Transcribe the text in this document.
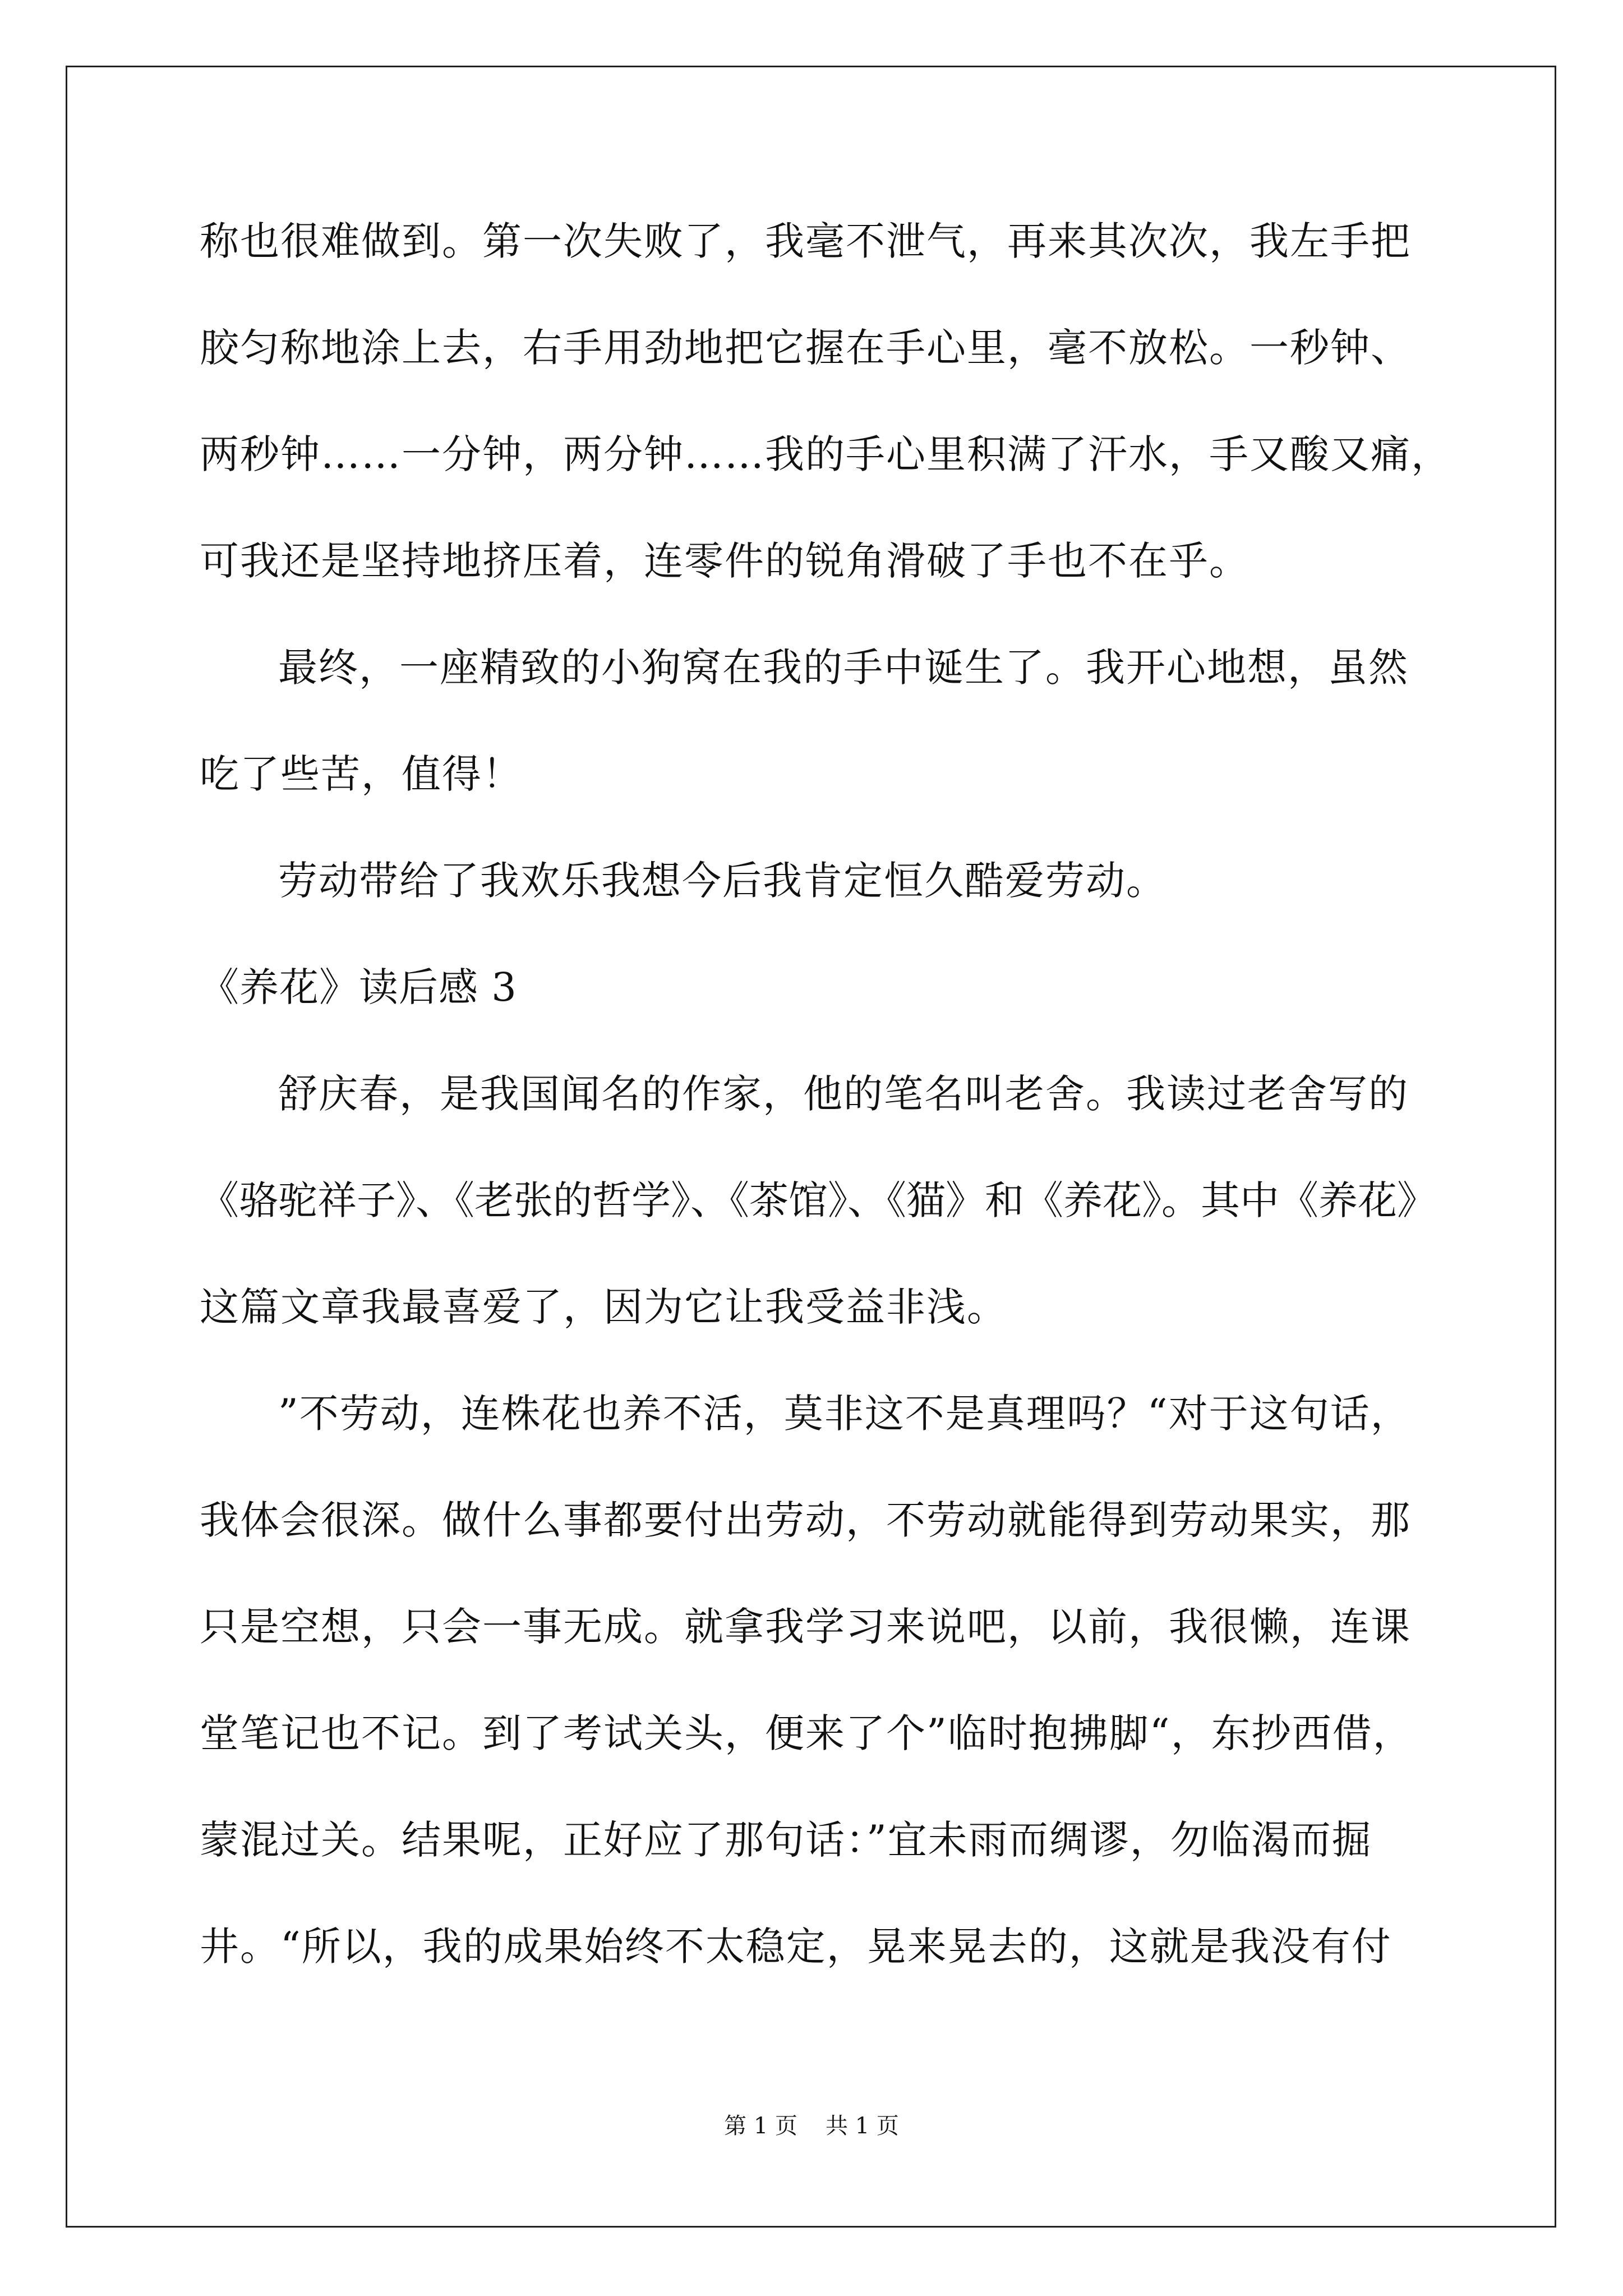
称也很难做到。第一次失败了，我毫不泄气，再来其次次，我左手把
胶匀称地涂上去，右手用劲地把它握在手心里，毫不放松。一秒钟、
两秒钟……一分钟，两分钟……我的手心里积满了汗水，手又酸又痛，
可我还是坚持地挤压着，连零件的锐角滑破了手也不在乎。
最终，一座精致的小狗窝在我的手中诞生了。我开心地想，虽然
吃了些苦，值得！
劳动带给了我欢乐我想今后我肯定恒久酷爱劳动。
《养花》读后感 3
舒庆春，是我国闻名的作家，他的笔名叫老舍。我读过老舍写的
《骆驼祥子》、《老张的哲学》、《茶馆》、《猫》和《养花》。其中《养花》
这篇文章我最喜爱了，因为它让我受益非浅。
”不劳动，连株花也养不活，莫非这不是真理吗？“对于这句话，
我体会很深。做什么事都要付出劳动，不劳动就能得到劳动果实，那
只是空想，只会一事无成。就拿我学习来说吧，以前，我很懒，连课
堂笔记也不记。到了考试关头，便来了个”临时抱拂脚“，东抄西借，
蒙混过关。结果呢，正好应了那句话：”宜未雨而绸谬，勿临渴而掘
井。“所以，我的成果始终不太稳定，晃来晃去的，这就是我没有付
第 1 页 共 1 页
